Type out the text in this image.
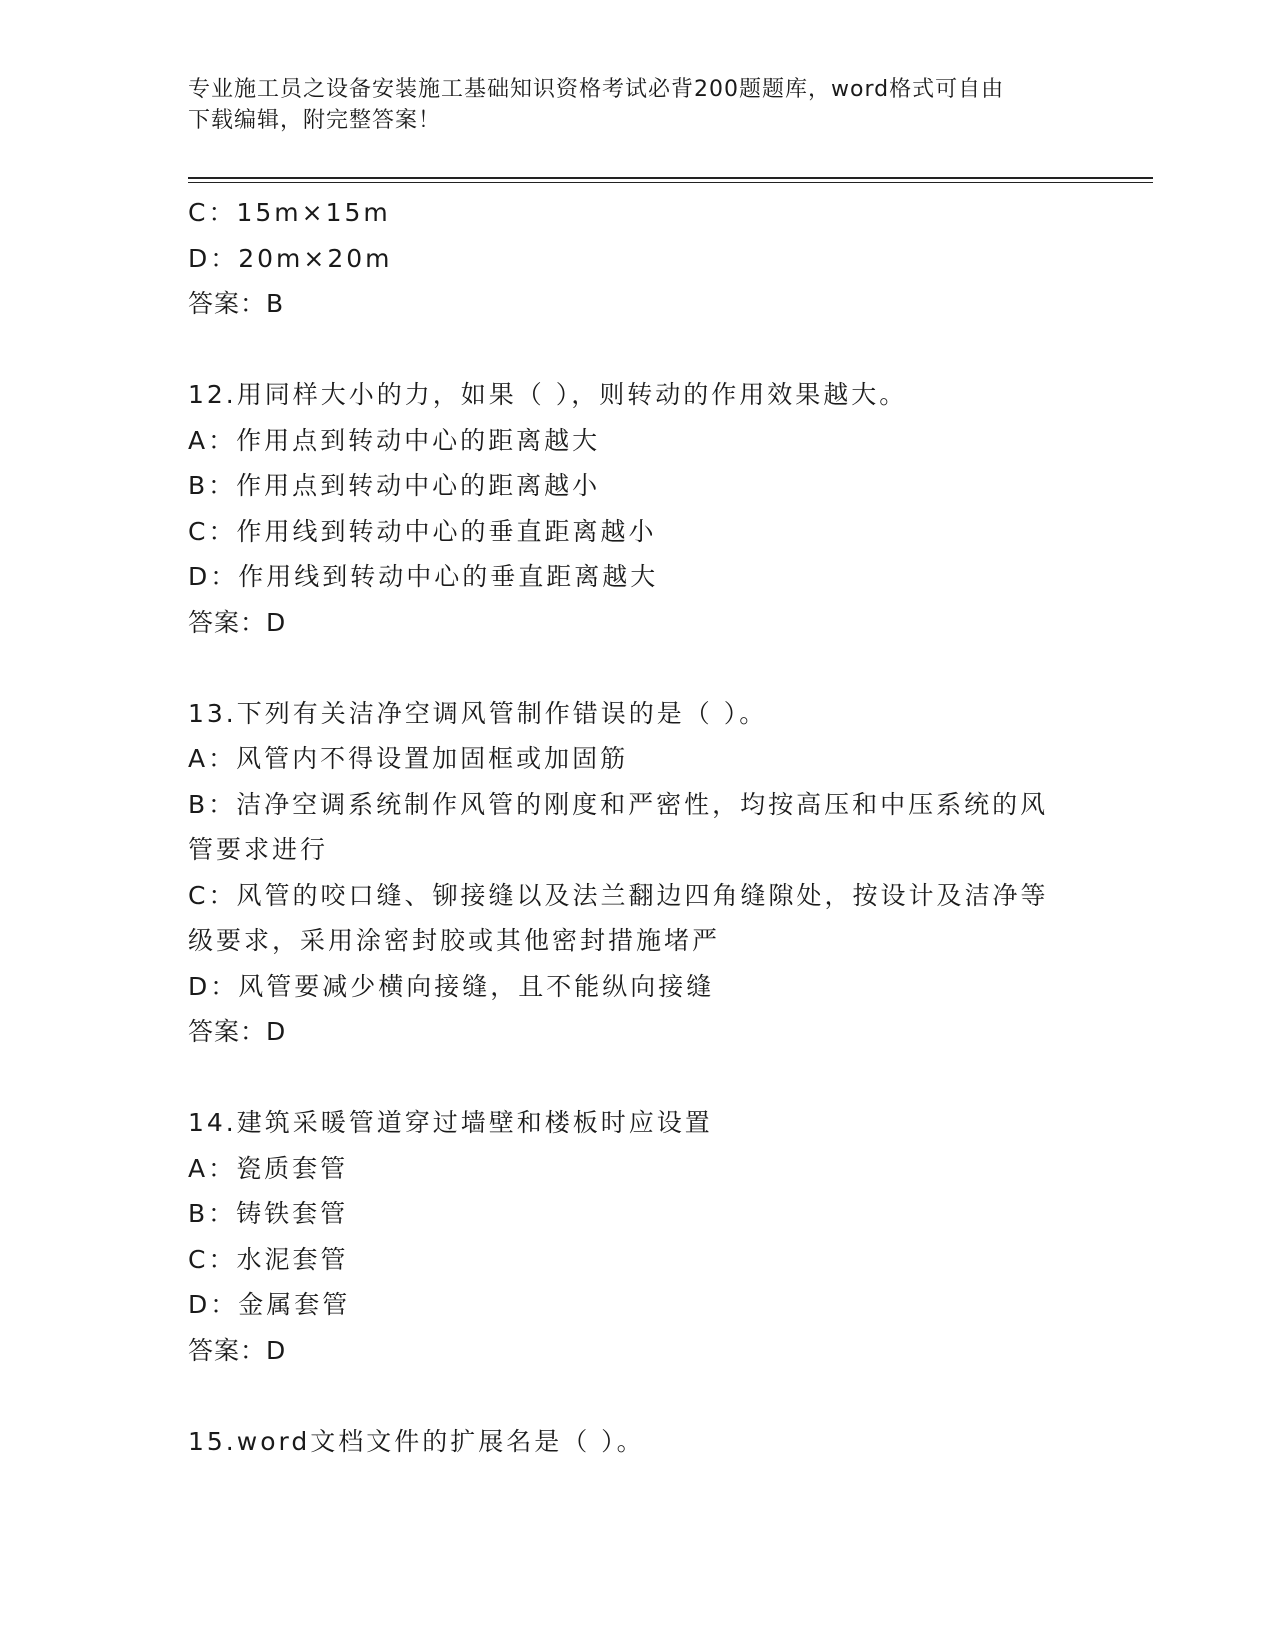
专业施工员之设备安装施工基础知识资格考试必背200题题库，word格式可自由
下载编辑，附完整答案！

C：15m×15m

D：20m×20m

答案：B

12.用同样大小的力，如果（ ），则转动的作用效果越大。

A：作用点到转动中心的距离越大

B：作用点到转动中心的距离越小

C：作用线到转动中心的垂直距离越小

D：作用线到转动中心的垂直距离越大

答案：D

13.下列有关洁净空调风管制作错误的是（ ）。

A：风管内不得设置加固框或加固筋

B：洁净空调系统制作风管的刚度和严密性，均按高压和中压系统的风

管要求进行

C：风管的咬口缝、铆接缝以及法兰翻边四角缝隙处，按设计及洁净等

级要求，采用涂密封胶或其他密封措施堵严

D：风管要减少横向接缝，且不能纵向接缝

答案：D

14.建筑采暖管道穿过墙壁和楼板时应设置

A：瓷质套管

B：铸铁套管

C：水泥套管

D：金属套管

答案：D

15.word文档文件的扩展名是（ ）。
